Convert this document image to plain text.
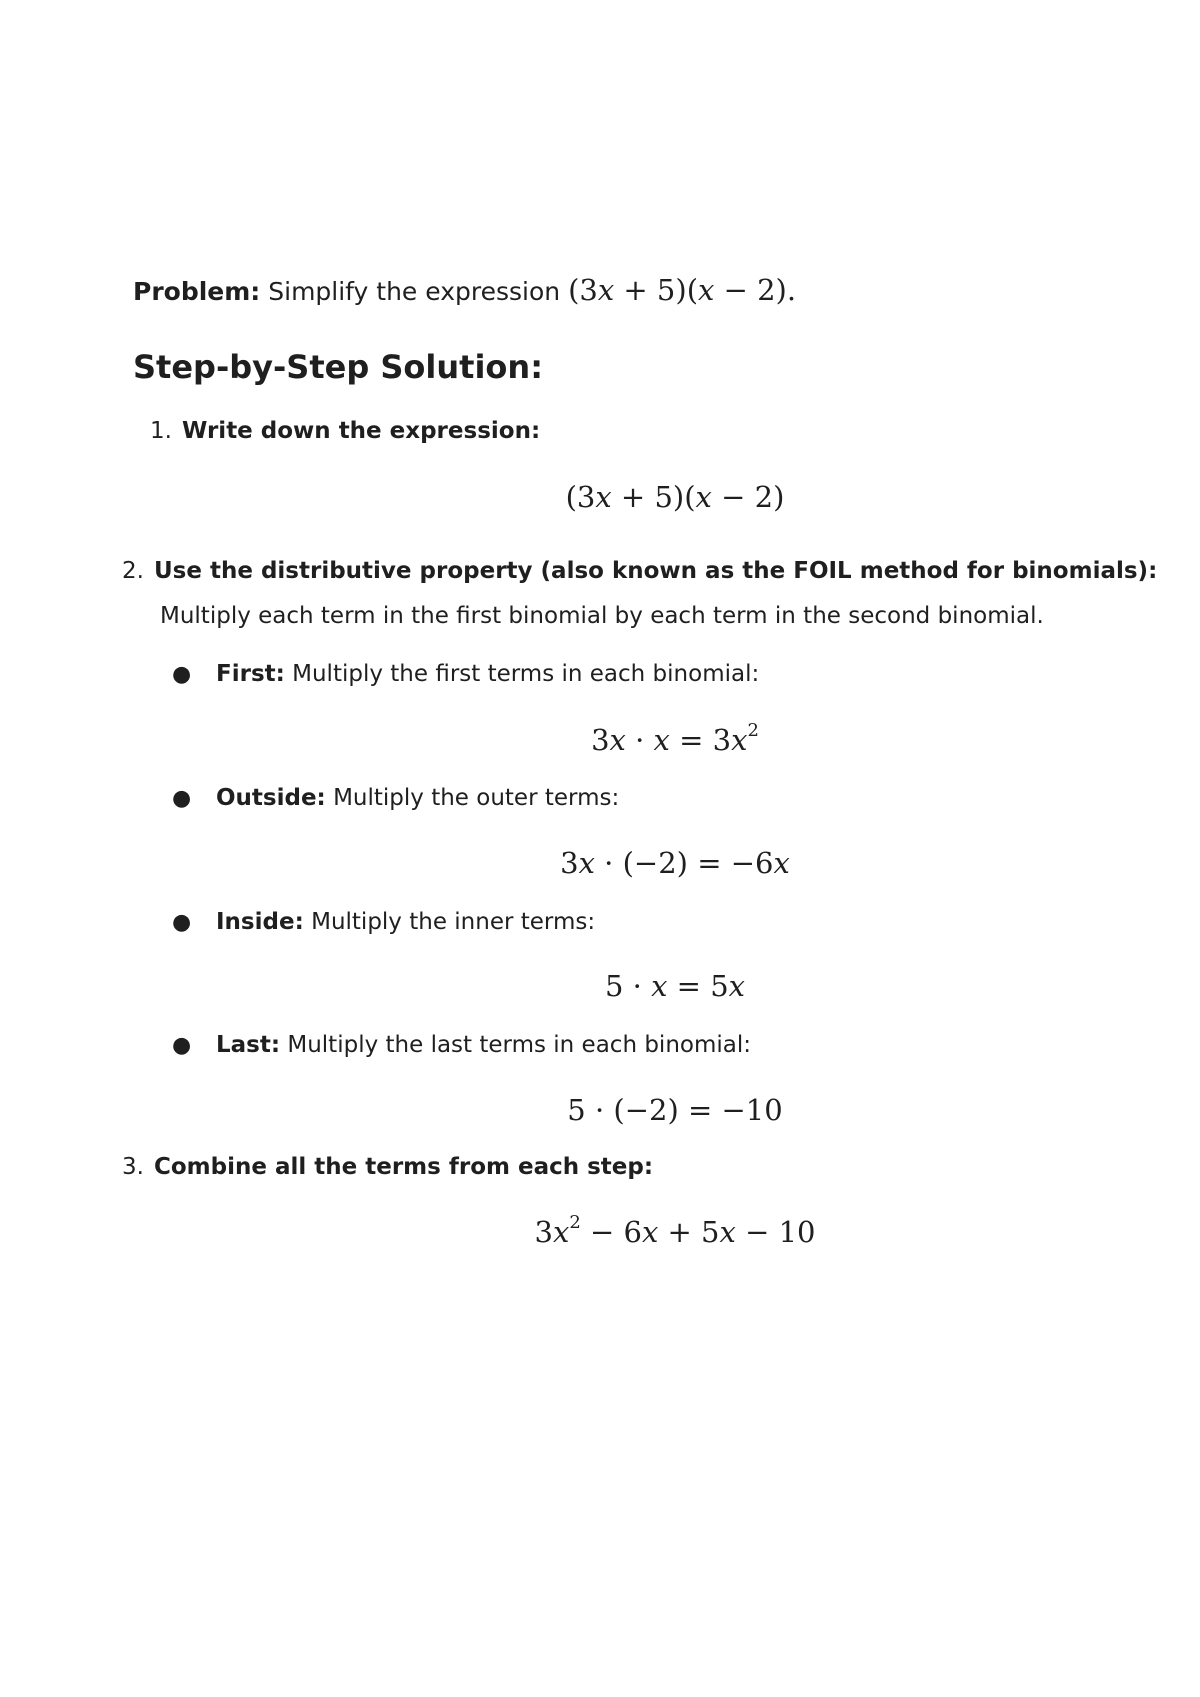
Problem: Simplify the expression (3x + 5)(x − 2).
Step-by-Step Solution:
1. Write down the expression:
(3x + 5)(x − 2)
2. Use the distributive property (also known as the FOIL method for binomials):
Multiply each term in the first binomial by each term in the second binomial.
● First: Multiply the first terms in each binomial:
$3x \cdot x = 3x^2$
● Outside: Multiply the outer terms:
3x · (−2) = −6x
● Inside: Multiply the inner terms:
5 · x = 5x
● Last: Multiply the last terms in each binomial:
5 · (−2) = −10
3. Combine all the terms from each step:
$3x^2 - 6x + 5x - 10$
